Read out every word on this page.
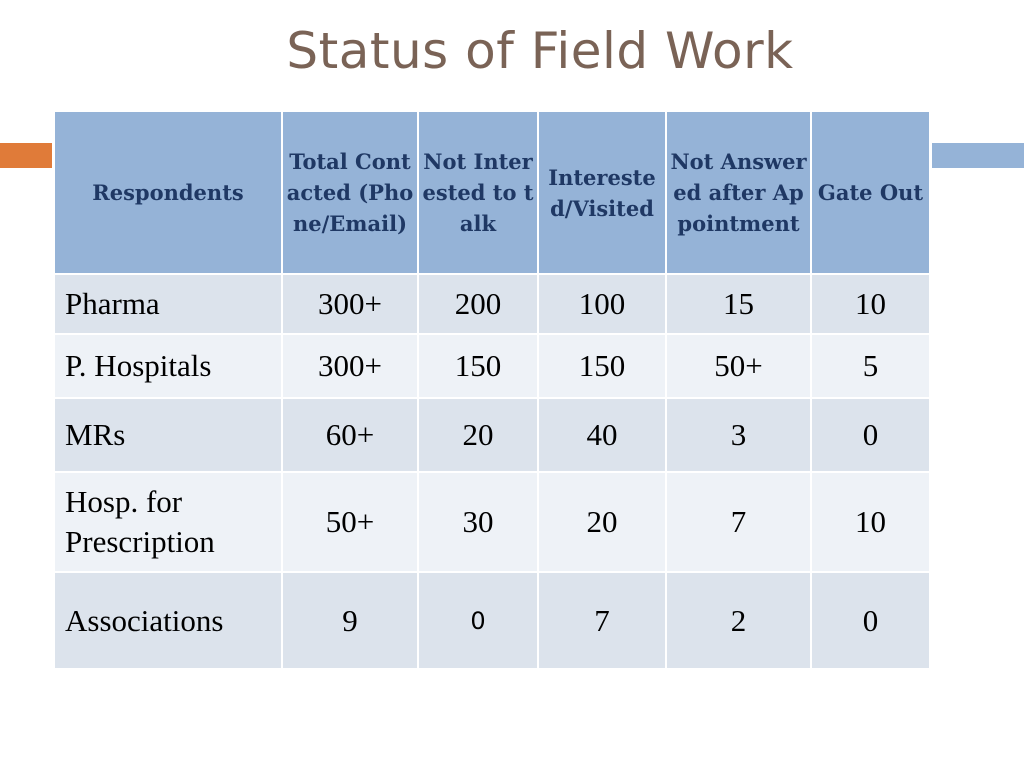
Status of Field Work
Respondents	Total Contacted (Phone/Email)	Not Interested to talk	Interested/Visited	Not Answered after Appointment	Gate Out
Pharma	300+	200	100	15	10
P. Hospitals	300+	150	150	50+	5
MRs	60+	20	40	3	0
Hosp. for Prescription	50+	30	20	7	10
Associations	9	0	7	2	0
